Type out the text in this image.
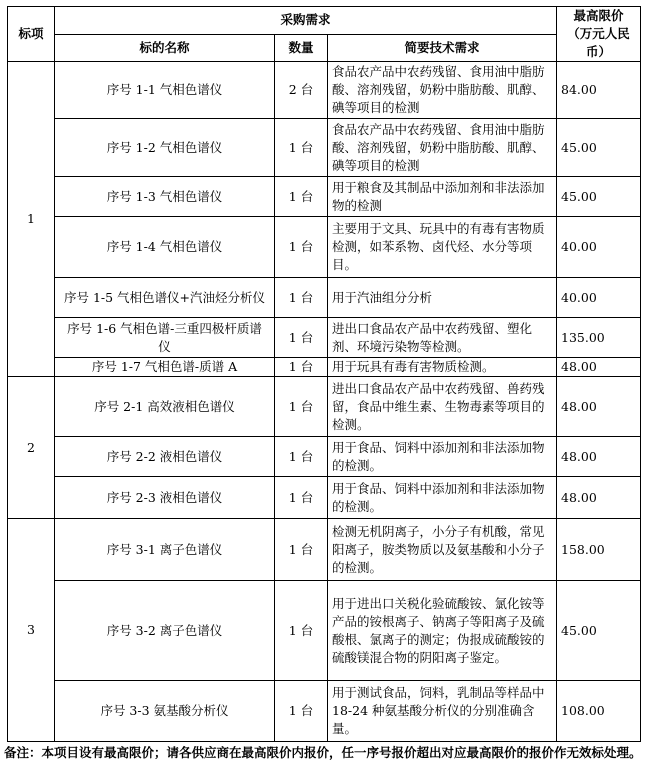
标项	采购需求			最高限价
（万元人民币）
	标的名称	数量	简要技术需求	
1	序号 1-1 气相色谱仪	2 台	食品农产品中农药残留、食用油中脂肪酸、溶剂残留，奶粉中脂肪酸、肌醇、碘等项目的检测	84.00
	序号 1-2 气相色谱仪	1 台	食品农产品中农药残留、食用油中脂肪酸、溶剂残留，奶粉中脂肪酸、肌醇、碘等项目的检测	45.00
	序号 1-3 气相色谱仪	1 台	用于粮食及其制品中添加剂和非法添加物的检测	45.00
	序号 1-4 气相色谱仪	1 台	主要用于文具、玩具中的有毒有害物质检测，如苯系物、卤代烃、水分等项目。	40.00
	序号 1-5 气相色谱仪+汽油烃分析仪	1 台	用于汽油组分分析	40.00
	序号 1-6 气相色谱-三重四极杆质谱仪	1 台	进出口食品农产品中农药残留、塑化剂、环境污染物等检测。	135.00
	序号 1-7 气相色谱-质谱 A	1 台	用于玩具有毒有害物质检测。	48.00
2	序号 2-1 高效液相色谱仪	1 台	进出口食品农产品中农药残留、兽药残留，食品中维生素、生物毒素等项目的检测。	48.00
	序号 2-2 液相色谱仪	1 台	用于食品、饲料中添加剂和非法添加物的检测。	48.00
	序号 2-3 液相色谱仪	1 台	用于食品、饲料中添加剂和非法添加物的检测。	48.00
3	序号 3-1 离子色谱仪	1 台	检测无机阴离子，小分子有机酸，常见阳离子，胺类物质以及氨基酸和小分子的检测。	158.00
	序号 3-2 离子色谱仪	1 台	用于进出口关税化验硫酸铵、氯化铵等产品的铵根离子、钠离子等阳离子及硫酸根、氯离子的测定；伪报成硫酸铵的硫酸镁混合物的阴阳离子鉴定。	45.00
	序号 3-3 氨基酸分析仪	1 台	用于测试食品，饲料，乳制品等样品中 18-24 种氨基酸分析仪的分别准确含量。	108.00
备注：本项目设有最高限价；请各供应商在最高限价内报价，任一序号报价超出对应最高限价的报价作无效标处理。
